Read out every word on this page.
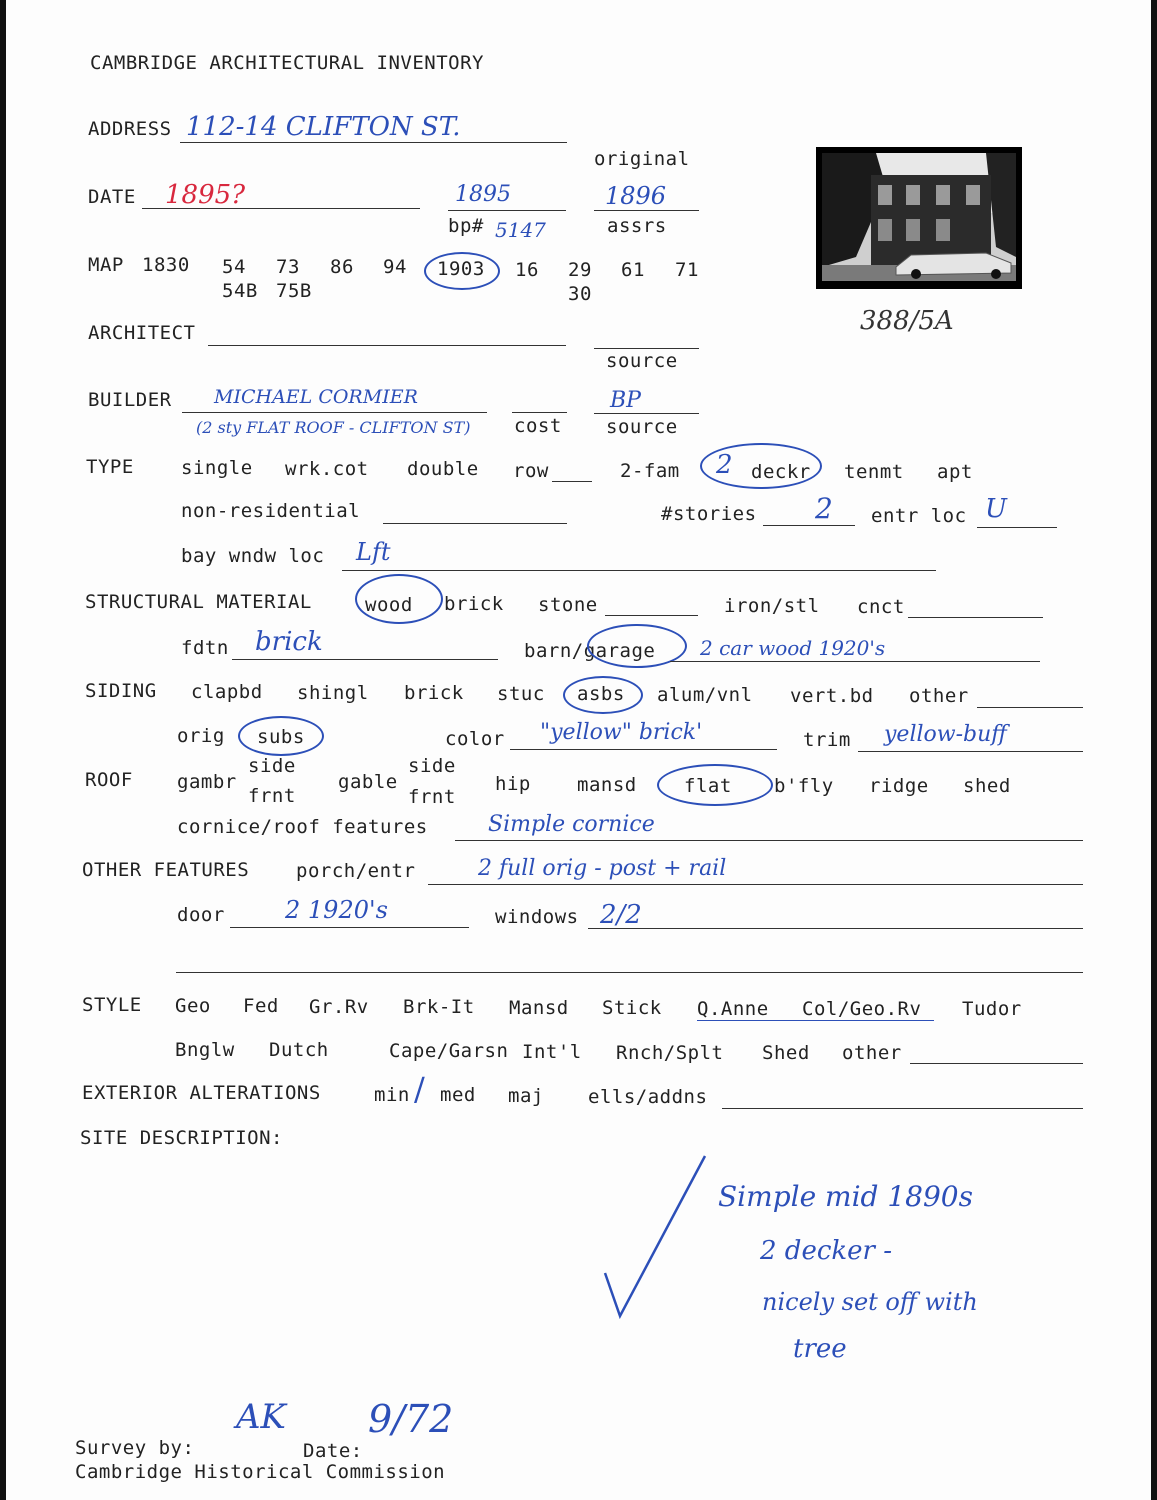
CAMBRIDGE ARCHITECTURAL INVENTORY
ADDRESS 112-14 CLIFTON ST.
original
DATE 1895?	1895
bp# 5147
1896
assrs
388/5A
MAP 1830 54 73 86 94 1903 16 29 61 71
54B 75B	30
ARCHITECT
source
BUILDER MICHAEL CORMIER
(2 sty FLAT ROOF - CLIFTON ST) cost
BP
source
TYPE single wrk.cot double row	2-fam 2 deckr tenmt apt
non-residential	#stories 2 entr loc U
bay wndw loc Lft
STRUCTURAL MATERIAL	wood brick stone	iron/stl cnct
fdtn brick	barn/garage 2 car wood 1920's
SIDING clapbd shingl brick stuc asbs alum/vnl vert.bd other
orig subs	color "yellow" brick'	trim yellow-buff
ROOF gambr
side
frnt
gable
side
frnt
hip mansd flat b'fly ridge shed
cornice/roof features	Simple cornice
OTHER FEATURES porch/entr	2 full orig - post + rail
door	2 1920's	windows 2/2
STYLE Geo Fed Gr.Rv Brk-It Mansd Stick Q.Anne Col/Geo.Rv Tudor
Bnglw Dutch	Cape/Garsn Int'l Rnch/Splt Shed other
EXTERIOR ALTERATIONS	min / med maj ells/addns
SITE DESCRIPTION:
Simple mid 1890s
2 decker -
nicely set off with
tree
Survey by:
AK
Date:
9/72
Cambridge Historical Commission
